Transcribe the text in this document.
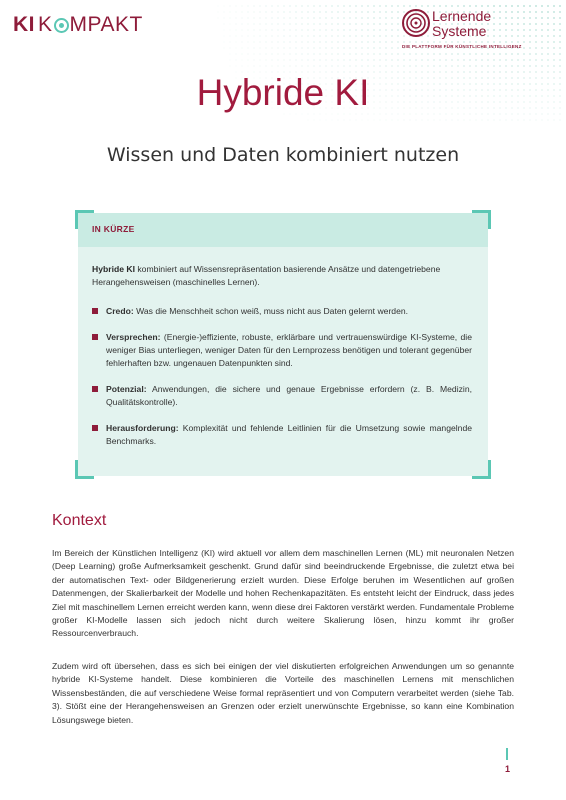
KI K MPAKT	Lernende
Systeme
DIE PLATTFORM FÜR KÜNSTLICHE INTELLIGENZ
Hybride KI
Wissen und Daten kombiniert nutzen
IN KÜRZE
Hybride KI kombiniert auf Wissensrepräsentation basierende Ansätze und datengetriebene Herangehensweisen (maschinelles Lernen).
Credo: Was die Menschheit schon weiß, muss nicht aus Daten gelernt werden.
Versprechen: (Energie-)effiziente, robuste, erklärbare und vertrauenswürdige KI-Systeme, die weniger Bias unterliegen, weniger Daten für den Lernprozess benötigen und tolerant gegenüber fehlerhaften bzw. ungenauen Datenpunkten sind.
Potenzial: Anwendungen, die sichere und genaue Ergebnisse erfordern (z. B. Medizin, Qualitätskontrolle).
Herausforderung: Komplexität und fehlende Leitlinien für die Umsetzung sowie mangelnde Benchmarks.
Kontext
Im Bereich der Künstlichen Intelligenz (KI) wird aktuell vor allem dem maschinellen Lernen (ML) mit neuronalen Netzen (Deep Learning) große Aufmerksamkeit geschenkt. Grund dafür sind beeindruckende Ergebnisse, die zuletzt etwa bei der automatischen Text- oder Bildgenerierung erzielt wurden. Diese Erfolge beruhen im Wesentlichen auf großen Datenmengen, der Skalierbarkeit der Modelle und hohen Rechenkapazitäten. Es entsteht leicht der Eindruck, dass jedes Ziel mit maschinellem Lernen erreicht werden kann, wenn diese drei Faktoren verstärkt werden. Fundamentale Probleme großer KI-Modelle lassen sich jedoch nicht durch weitere Skalierung lösen, hinzu kommt ihr großer Ressourcenverbrauch.
Zudem wird oft übersehen, dass es sich bei einigen der viel diskutierten erfolgreichen Anwendungen um so genannte hybride KI-Systeme handelt. Diese kombinieren die Vorteile des maschinellen Lernens mit menschlichen Wissensbeständen, die auf verschiedene Weise formal repräsentiert und von Computern verarbeitet werden (siehe Tab. 3). Stößt eine der Herangehensweisen an Grenzen oder erzielt unerwünschte Ergebnisse, so kann eine Kombination Lösungswege bieten.
1
